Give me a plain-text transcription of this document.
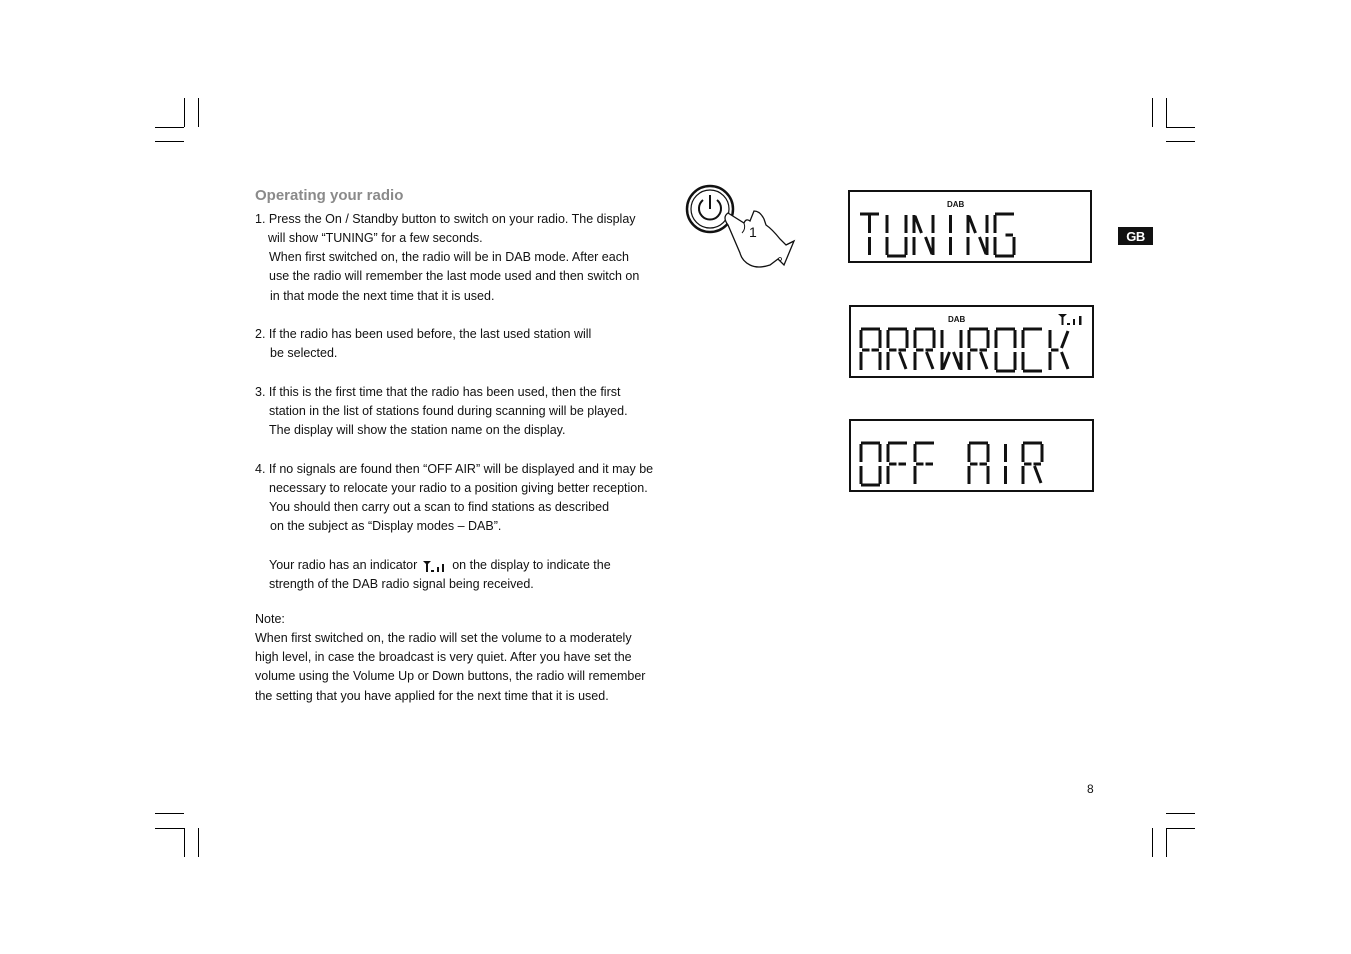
Operating your radio
1. Press the On / Standby button to switch on your radio. The display
will show “TUNING” for a few seconds.
When first switched on, the radio will be in DAB mode. After each
use the radio will remember the last mode used and then switch on
in that mode the next time that it is used.
2. If the radio has been used before, the last used station will
be selected.
3. If this is the first time that the radio has been used, then the first
station in the list of stations found during scanning will be played.
The display will show the station name on the display.
4. If no signals are found then “OFF AIR” will be displayed and it may be
necessary to relocate your radio to a position giving better reception.
You should then carry out a scan to find stations as described
on the subject as “Display modes – DAB”.
Your radio has an indicator	on the display to indicate the
strength of the DAB radio signal being received.
Note:
When first switched on, the radio will set the volume to a moderately
high level, in case the broadcast is very quiet. After you have set the
volume using the Volume Up or Down buttons, the radio will remember
the setting that you have applied for the next time that it is used.
1
DAB
DAB
GB
8
